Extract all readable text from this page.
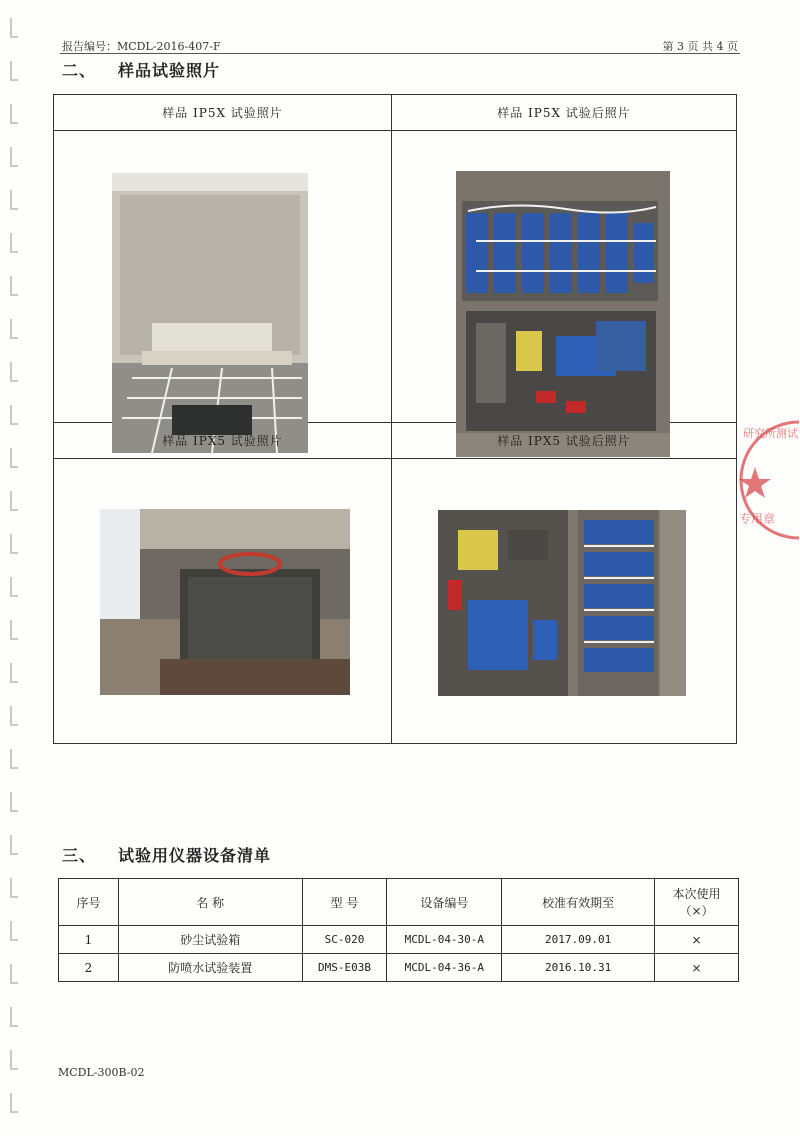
报告编号：MCDL-2016-407-F	第 3 页 共 4 页
二、 样品试验照片
样品 IP5X 试验照片	样品 IP5X 试验后照片
样品 IPX5 试验照片	样品 IPX5 试验后照片
三、 试验用仪器设备清单
序号	名 称	型 号	设备编号	校准有效期至	本次使用
（×）

1	砂尘试验箱	SC-020	MCDL-04-30-A	2017.09.01	×
2	防喷水试验装置	DMS-E03B	MCDL-04-36-A	2016.10.31	×
MCDL-300B-02
研究所测试
专用章
